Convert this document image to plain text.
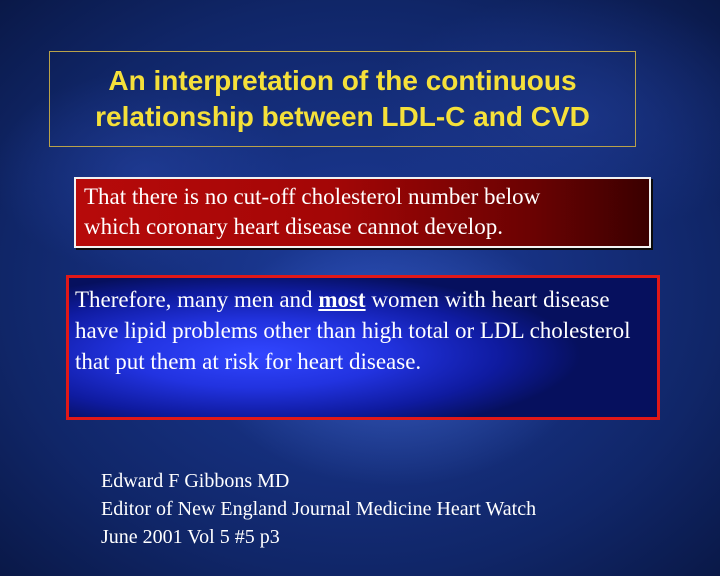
An interpretation of the continuous
relationship between LDL-C and CVD
That there is no cut-off cholesterol number below
which coronary heart disease cannot develop.
Therefore, many men and most women with heart disease have lipid problems other than high total or LDL cholesterol that put them at risk for heart disease.
Edward F Gibbons MD
Editor of New England Journal Medicine Heart Watch
June 2001 Vol 5 #5 p3
